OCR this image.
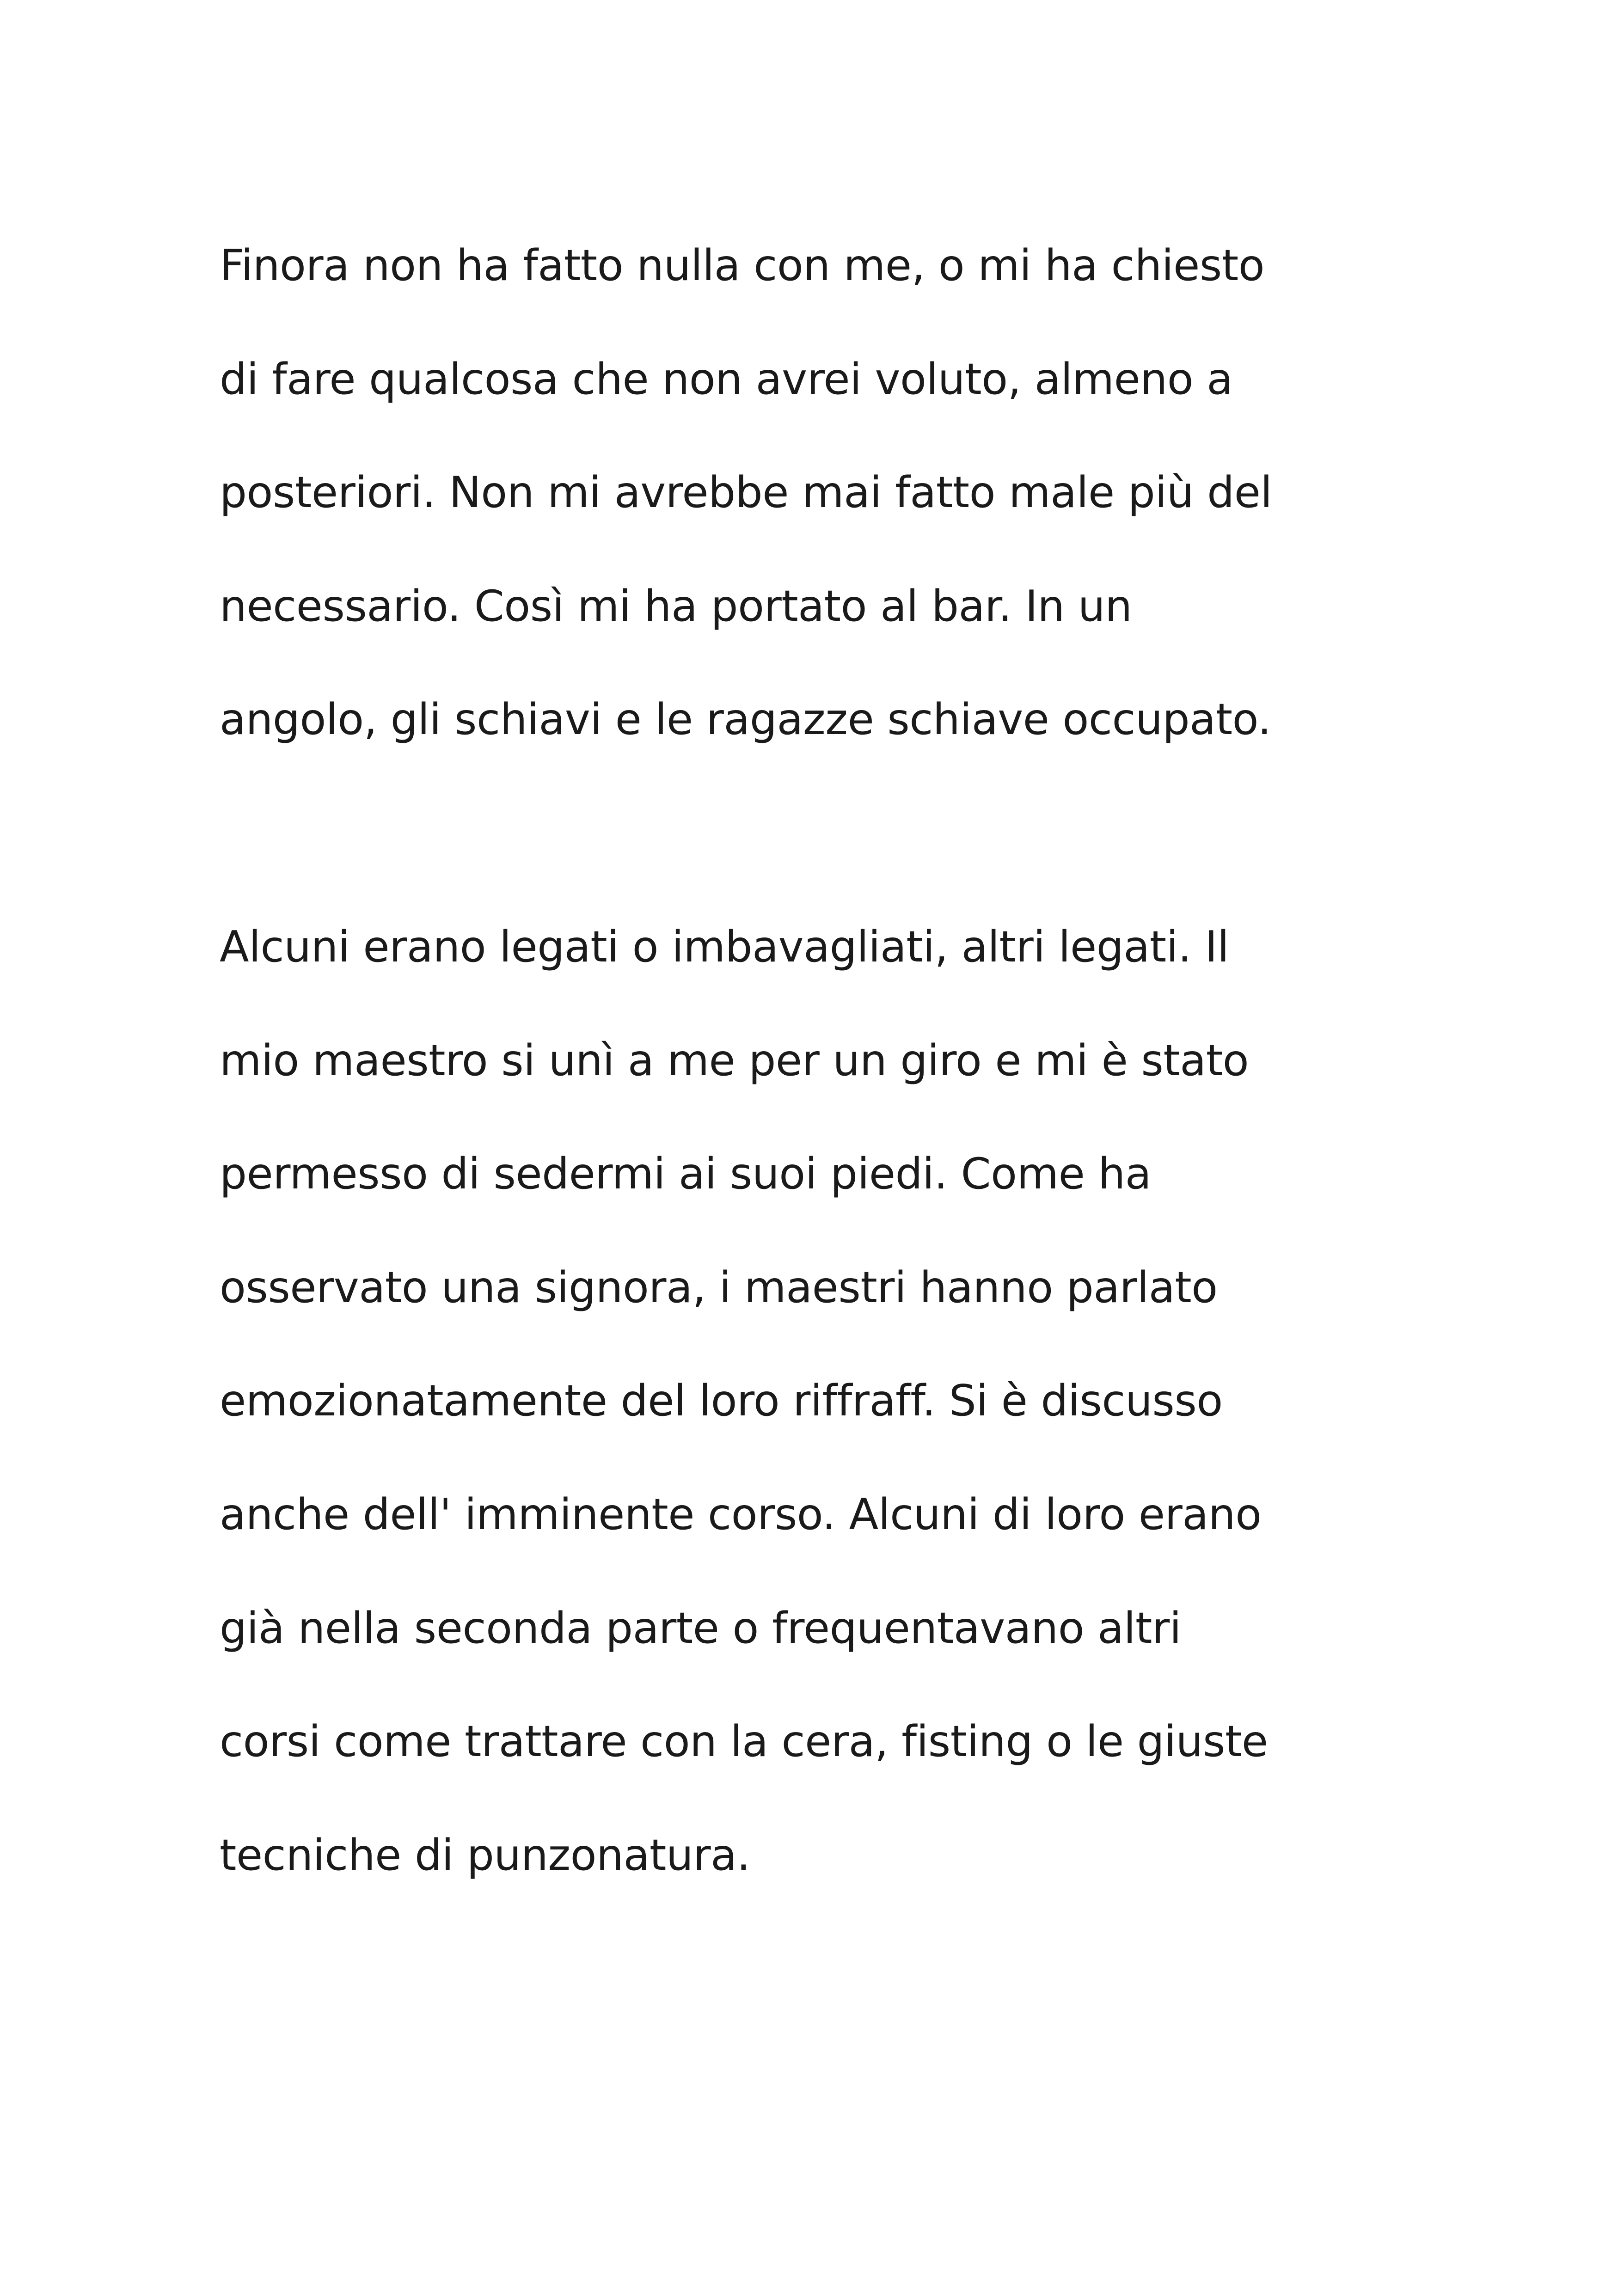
Finora non ha fatto nulla con me, o mi ha chiesto
di fare qualcosa che non avrei voluto, almeno a
posteriori. Non mi avrebbe mai fatto male più del
necessario. Così mi ha portato al bar. In un
angolo, gli schiavi e le ragazze schiave occupato.
Alcuni erano legati o imbavagliati, altri legati. Il
mio maestro si unì a me per un giro e mi è stato
permesso di sedermi ai suoi piedi. Come ha
osservato una signora, i maestri hanno parlato
emozionatamente del loro riffraff. Si è discusso
anche dell' imminente corso. Alcuni di loro erano
già nella seconda parte o frequentavano altri
corsi come trattare con la cera, fisting o le giuste
tecniche di punzonatura.
